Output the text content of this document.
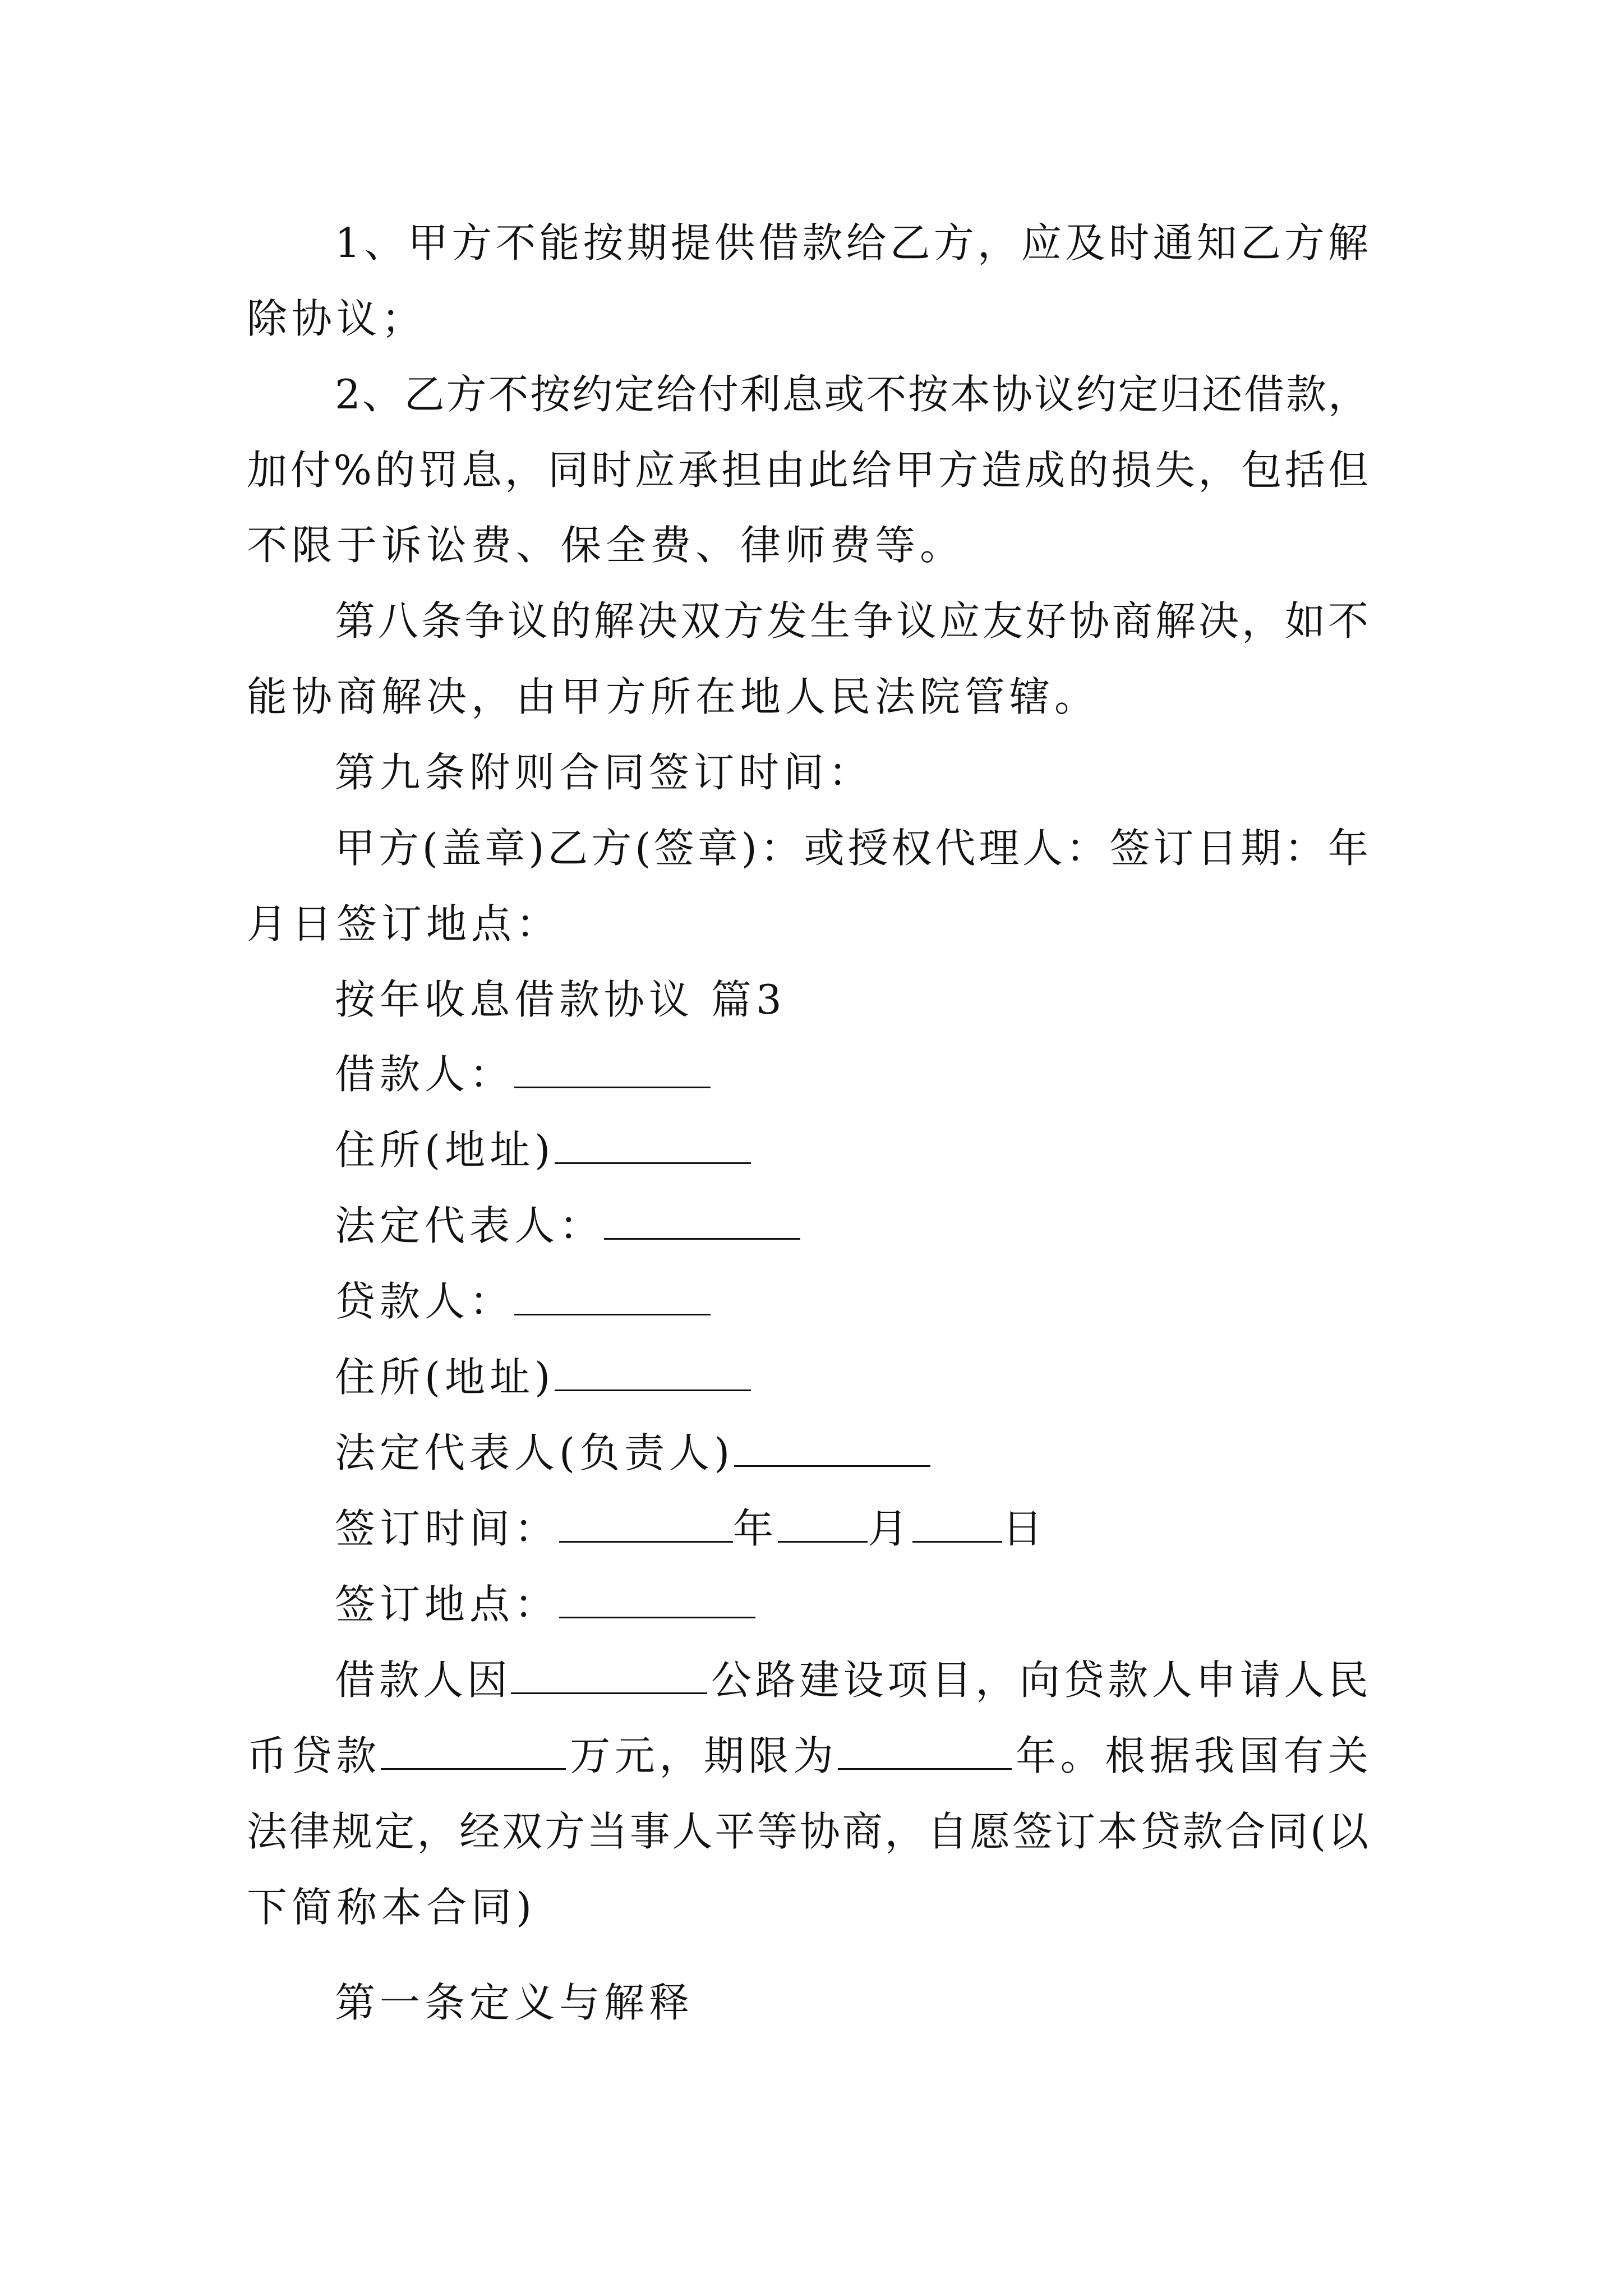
1、甲方不能按期提供借款给乙方，应及时通知乙方解
除协议；
2、乙方不按约定给付利息或不按本协议约定归还借款，
加付%的罚息，同时应承担由此给甲方造成的损失，包括但
不限于诉讼费、保全费、律师费等。
第八条争议的解决双方发生争议应友好协商解决，如不
能协商解决，由甲方所在地人民法院管辖。
第九条附则合同签订时间：
甲方(盖章)乙方(签章)：或授权代理人：签订日期：年
月日签订地点：
按年收息借款协议 篇3
借款人：
住所(地址)
法定代表人：
贷款人：
住所(地址)
法定代表人(负责人)
签订时间：	年 月 日
签订地点：
借款人因	公路建设项目，向贷款人申请人民
币贷款	万元，期限为	年。根据我国有关
法律规定，经双方当事人平等协商，自愿签订本贷款合同(以
下简称本合同)
第一条定义与解释
